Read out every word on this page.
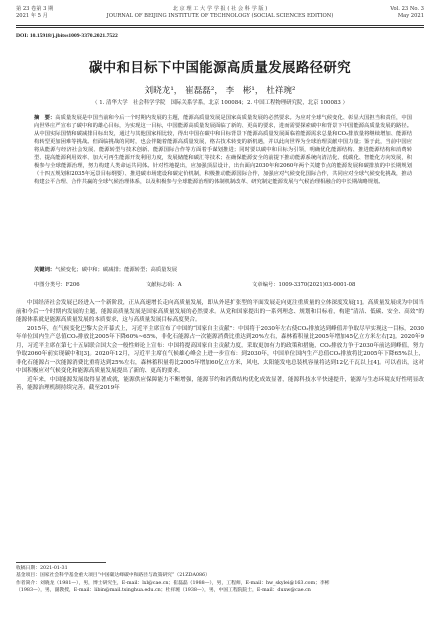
第 23 卷第 3 期
2021 年 5 月
北 京 理 工 大 学 学 报 ( 社 会 科 学 版 )
JOURNAL OF BEIJING INSTITUTE OF TECHNOLOGY (SOCIAL SCIENCES EDITION)
Vol. 23 No. 3
May 2021
DOI: 10.15918/j.jbitss1009-3370.2021.7522
碳中和目标下中国能源高质量发展路径研究
刘晓龙¹， 崔磊磊²， 李　彬¹， 杜祥琬²
（ 1. 清华大学　社会科学学院　国际关系学系，北京 100084；2. 中国工程物理研究院，北京 100083 ）
摘　要：高质量发展是中国当前和今后一个时期内发展的主题，能源高质量发展是国家高质量发展的必然要求。为应对全球气候变化、彰显大国担当和责任，中国向世界庄严宣布了碳中和的雄心目标，为实现这一目标，中国能源高质量发展面临了新的、更高的要求，进而需要探索碳中和背景下中国能源高质量发展的路径。从中国实际国情和碳减排目标出发，通过与其他国家相比较，得出中国在碳中和目标背景下能源高质量发展面临着能源需求总量和CO₂排放量将继续增加、能源结构转型更加困难等挑战。但面临挑战的同时，也会伴随着能源高质量发展，格古技术转变的新机遇，并以此向世界为全球治理贡献中国力量；鉴于此，当前中国应将从能源与经济社会发展、能源转型与技术创新、能源国际合作等方面着手谋划推进；同时要以碳中和目标为引领，明确优化能源结构、推进能源结构和消费转型、提高能源利用效率、加大可再生能源开发利用力度，发展储能和碳汇等技术；在确保能源安全的前提下推动能源系统向清洁化、低碳化、智能化方向发展，积极参与全球能源治理，努力构建人类命运共同体。针对性地提出，应加强顶层设计，出台面向2030年和2060年两个关键节点的能源发展和碳排放的中长期规划（十四五规划和2035年远景目标纲要）、推进碳市场建设和碳定价机制，积极推动能源国际合作，加强应对气候变化国际合作，共同应对全球气候变化挑战，推动构建公平合理、合作共赢的全球气候治理体系，以及积极参与全球能源治理的体制机制改革、研究制定能源发展与气候治理相融合的中长期战略规划。
关键词：气候变化；碳中和；碳减排；能源转型；高质量发展
中图分类号：F206	文献标志码：A	文章编号：1009-3370(2021)03-0001-08

中国经济社会发展已经进入一个新阶段，正从高速增长走向高质量发展，即从外延扩张型的平面发展走向更注重质量的立体深度发展[1]。高质量发展成为中国当前和今后一个时期内发展的主题，能源高质量发展是国家高质量发展的必然要求。从党和国家提出的一系列理念、规划和目标看，构建“清洁、低碳、安全、高效”的能源体系就是能源高质量发展的本质要求，这与高质量发展目标高度契合。

2015年，在气候变化巴黎大会开幕式上，习近平主席宣布了中国的“国家自主贡献”：中国将于2030年左右使CO₂排放达到峰值并争取尽早实现这一目标，2030年单位国内生产总值CO₂排放比2005年下降60%~65%，非化石能源占一次能源消费比重达到20%左右，森林蓄积量比2005年增加45亿立方米左右[2]。2020年9月，习近平主席在第七十五届联合国大会一般性辩论上宣布：中国将提高国家自主贡献力度，采取更加有力的政策和措施，CO₂排放力争于2030年前达到峰值，努力争取2060年前实现碳中和[3]。2020年12月，习近平主席在气候雄心峰会上进一步宣布：到2030年，中国单位国内生产总值CO₂排放将比2005年下降65%以上，非化石能源占一次能源消费比重将达到25%左右，森林蓄积量将比2005年增加60亿立方米，风电、太阳能发电总装机容量将达到12亿千瓦以上[4]。可以看出，这对中国积极应对气候变化和能源高质量发展提出了新的、更高的要求。

近年来，中国能源发展取得显著成就，能源供应保障能力不断增强，能源节约和消费结构优化成效显著，能源科技水平快速提升，能源与生态环境友好性明显改善，能源治理机制持续完善。截至2019年

收稿日期：2021-01-31
基金项目：国家社会科学基金重大项目“中国碳达峰碳中和路径与政策研究”（21ZDA086）
作者简介：刘晓龙（1981—），男，博士研究生，E-mail：lxl@cae.cn；崔磊磊（1988—），男，工程师，E-mail：hw_skylei@163.com；李彬
（1983—），男，副教授，E-mail：libin@mail.tsinghua.edu.cn；杜祥琬（1938—），男，中国工程院院士，E-mail：duxw@cae.cn
